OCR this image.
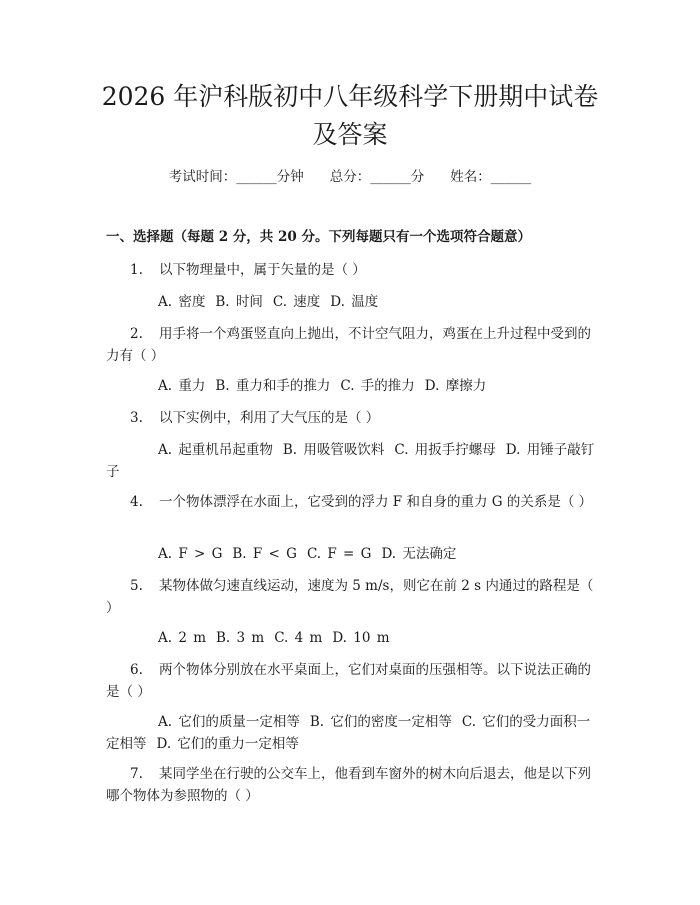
2026 年沪科版初中八年级科学下册期中试卷
及答案
考试时间：______分钟 总分：______分 姓名：______
一、选择题（每题 2 分，共 20 分。下列每题只有一个选项符合题意）

1. 以下物理量中，属于矢量的是（ ）

A. 密度 B. 时间 C. 速度 D. 温度

2. 用手将一个鸡蛋竖直向上抛出，不计空气阻力，鸡蛋在上升过程中受到的力有（ ）

A. 重力 B. 重力和手的推力 C. 手的推力 D. 摩擦力

3. 以下实例中，利用了大气压的是（ ）

A. 起重机吊起重物 B. 用吸管吸饮料 C. 用扳手拧螺母 D. 用锤子敲钉子

4. 一个物体漂浮在水面上，它受到的浮力 F 和自身的重力 G 的关系是（ ）

A. F > G B. F < G C. F = G D. 无法确定

5. 某物体做匀速直线运动，速度为 5 m/s，则它在前 2 s 内通过的路程是（ ）

A. 2 m B. 3 m C. 4 m D. 10 m

6. 两个物体分别放在水平桌面上，它们对桌面的压强相等。以下说法正确的是（ ）

A. 它们的质量一定相等 B. 它们的密度一定相等 C. 它们的受力面积一定相等 D. 它们的重力一定相等

7. 某同学坐在行驶的公交车上，他看到车窗外的树木向后退去，他是以下列哪个物体为参照物的（ ）
